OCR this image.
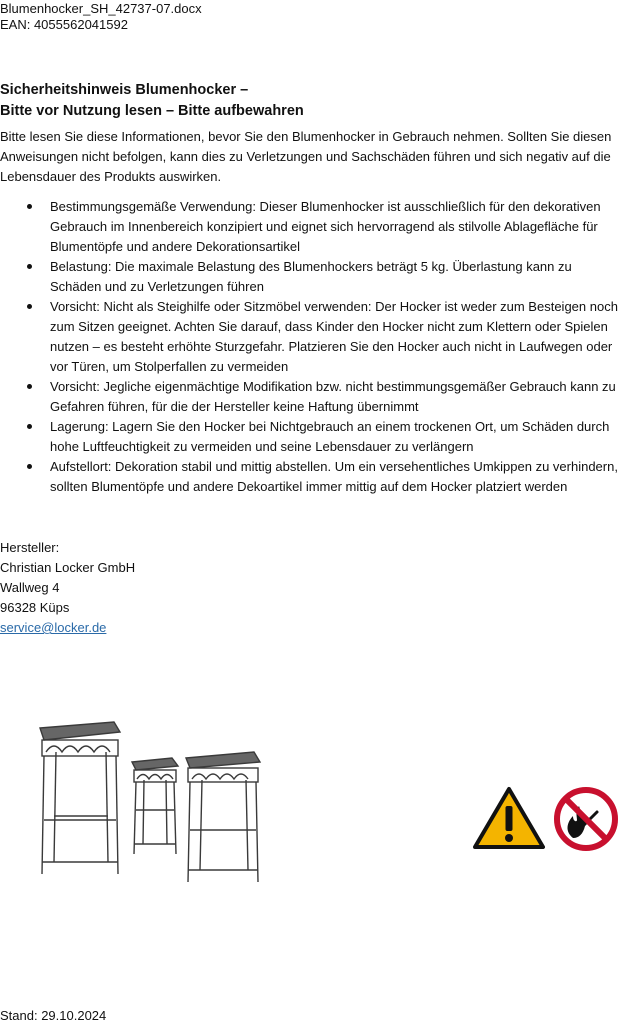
Blumenhocker_SH_42737-07.docx
EAN: 4055562041592
Sicherheitshinweis Blumenhocker –
Bitte vor Nutzung lesen – Bitte aufbewahren
Bitte lesen Sie diese Informationen, bevor Sie den Blumenhocker in Gebrauch nehmen. Sollten Sie diesen Anweisungen nicht befolgen, kann dies zu Verletzungen und Sachschäden führen und sich negativ auf die Lebensdauer des Produkts auswirken.
Bestimmungsgemäße Verwendung: Dieser Blumenhocker ist ausschließlich für den dekorativen Gebrauch im Innenbereich konzipiert und eignet sich hervorragend als stilvolle Ablagefläche für Blumentöpfe und andere Dekorationsartikel
Belastung: Die maximale Belastung des Blumenhockers beträgt 5 kg. Überlastung kann zu Schäden und zu Verletzungen führen
Vorsicht: Nicht als Steighilfe oder Sitzmöbel verwenden: Der Hocker ist weder zum Besteigen noch zum Sitzen geeignet. Achten Sie darauf, dass Kinder den Hocker nicht zum Klettern oder Spielen nutzen – es besteht erhöhte Sturzgefahr. Platzieren Sie den Hocker auch nicht in Laufwegen oder vor Türen, um Stolperfallen zu vermeiden
Vorsicht: Jegliche eigenmächtige Modifikation bzw. nicht bestimmungsgemäßer Gebrauch kann zu Gefahren führen, für die der Hersteller keine Haftung übernimmt
Lagerung: Lagern Sie den Hocker bei Nichtgebrauch an einem trockenen Ort, um Schäden durch hohe Luftfeuchtigkeit zu vermeiden und seine Lebensdauer zu verlängern
Aufstellort: Dekoration stabil und mittig abstellen. Um ein versehentliches Umkippen zu verhindern, sollten Blumentöpfe und andere Dekoartikel immer mittig auf dem Hocker platziert werden
Hersteller:
Christian Locker GmbH
Wallweg 4
96328 Küps
service@locker.de
Stand: 29.10.2024
